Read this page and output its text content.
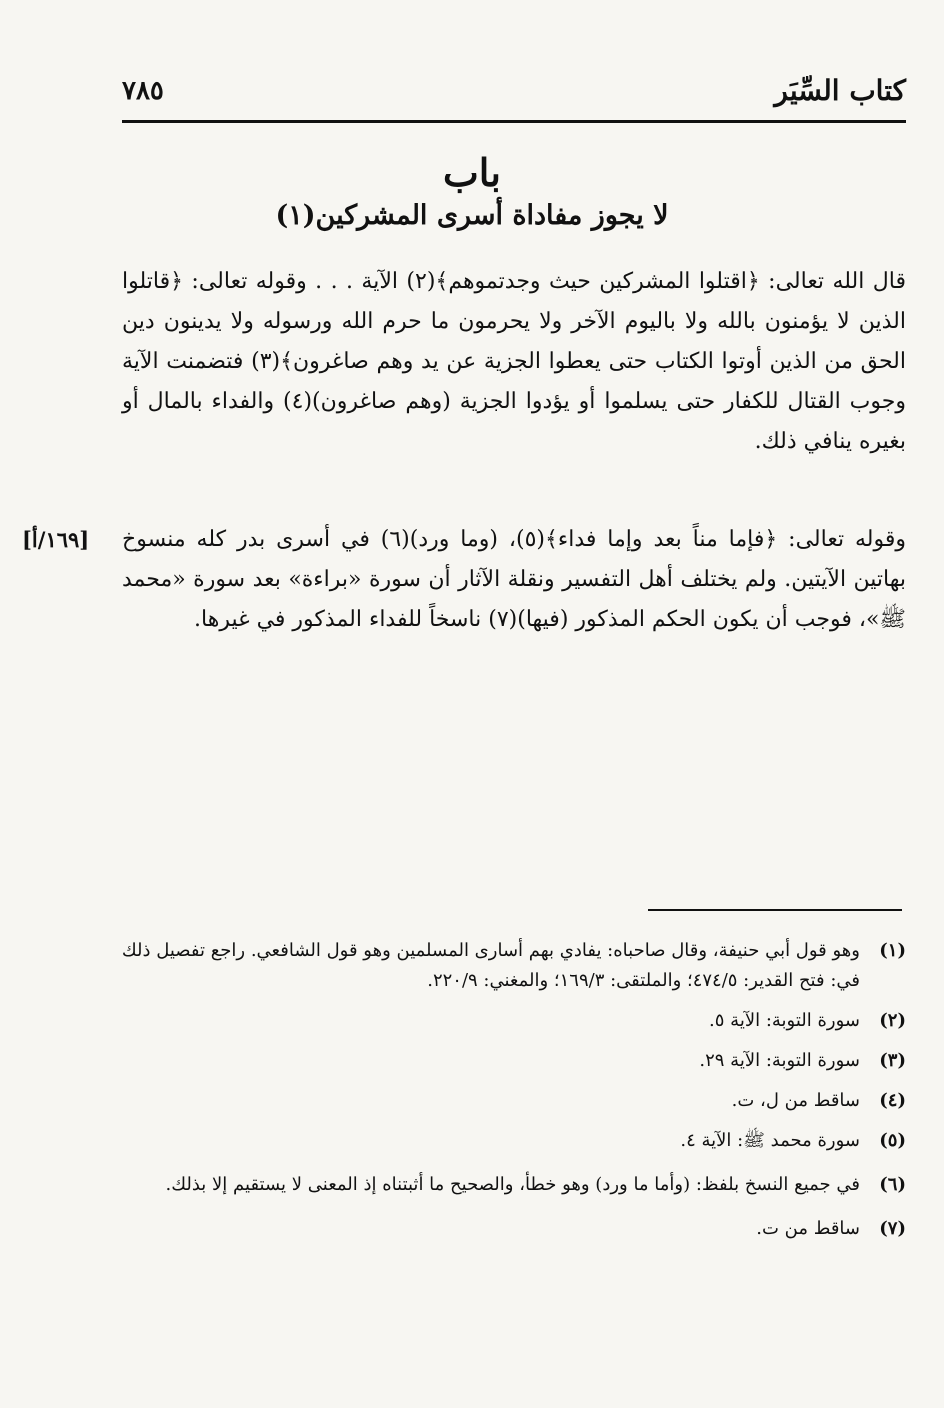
كتاب السِّيَر
٧٨٥
باب
لا يجوز مفاداة أسرى المشركين(١)
قال الله تعالى: ﴿اقتلوا المشركين حيث وجدتموهم﴾(٢) الآية . . . وقوله تعالى: ﴿قاتلوا الذين لا يؤمنون بالله ولا باليوم الآخر ولا يحرمون ما حرم الله ورسوله ولا يدينون دين الحق من الذين أوتوا الكتاب حتى يعطوا الجزية عن يد وهم صاغرون﴾(٣) فتضمنت الآية وجوب القتال للكفار حتى يسلموا أو يؤدوا الجزية (وهم صاغرون)(٤) والفداء بالمال أو بغيره ينافي ذلك.
وقوله تعالى: ﴿فإما مناً بعد وإما فداء﴾(٥)، (وما ورد)(٦) في أسرى بدر كله منسوخ بهاتين الآيتين. ولم يختلف أهل التفسير ونقلة الآثار أن سورة «براءة» بعد سورة «محمد ﷺ»، فوجب أن يكون الحكم المذكور (فيها)(٧) ناسخاً للفداء المذكور في غيرها.
[١٦٩/أ]
(١)
وهو قول أبي حنيفة، وقال صاحباه: يفادي بهم أسارى المسلمين وهو قول الشافعي. راجع تفصيل ذلك في: فتح القدير: ٤٧٤/٥؛ والملتقى: ١٦٩/٣؛ والمغني: ٢٢٠/٩.
(٢)
سورة التوبة: الآية ٥.
(٣)
سورة التوبة: الآية ٢٩.
(٤)
ساقط من ل، ت.
(٥)
سورة محمد ﷺ: الآية ٤.
(٦)
في جميع النسخ بلفظ: (وأما ما ورد) وهو خطأ، والصحيح ما أثبتناه إذ المعنى لا يستقيم إلا بذلك.
(٧)
ساقط من ت.
